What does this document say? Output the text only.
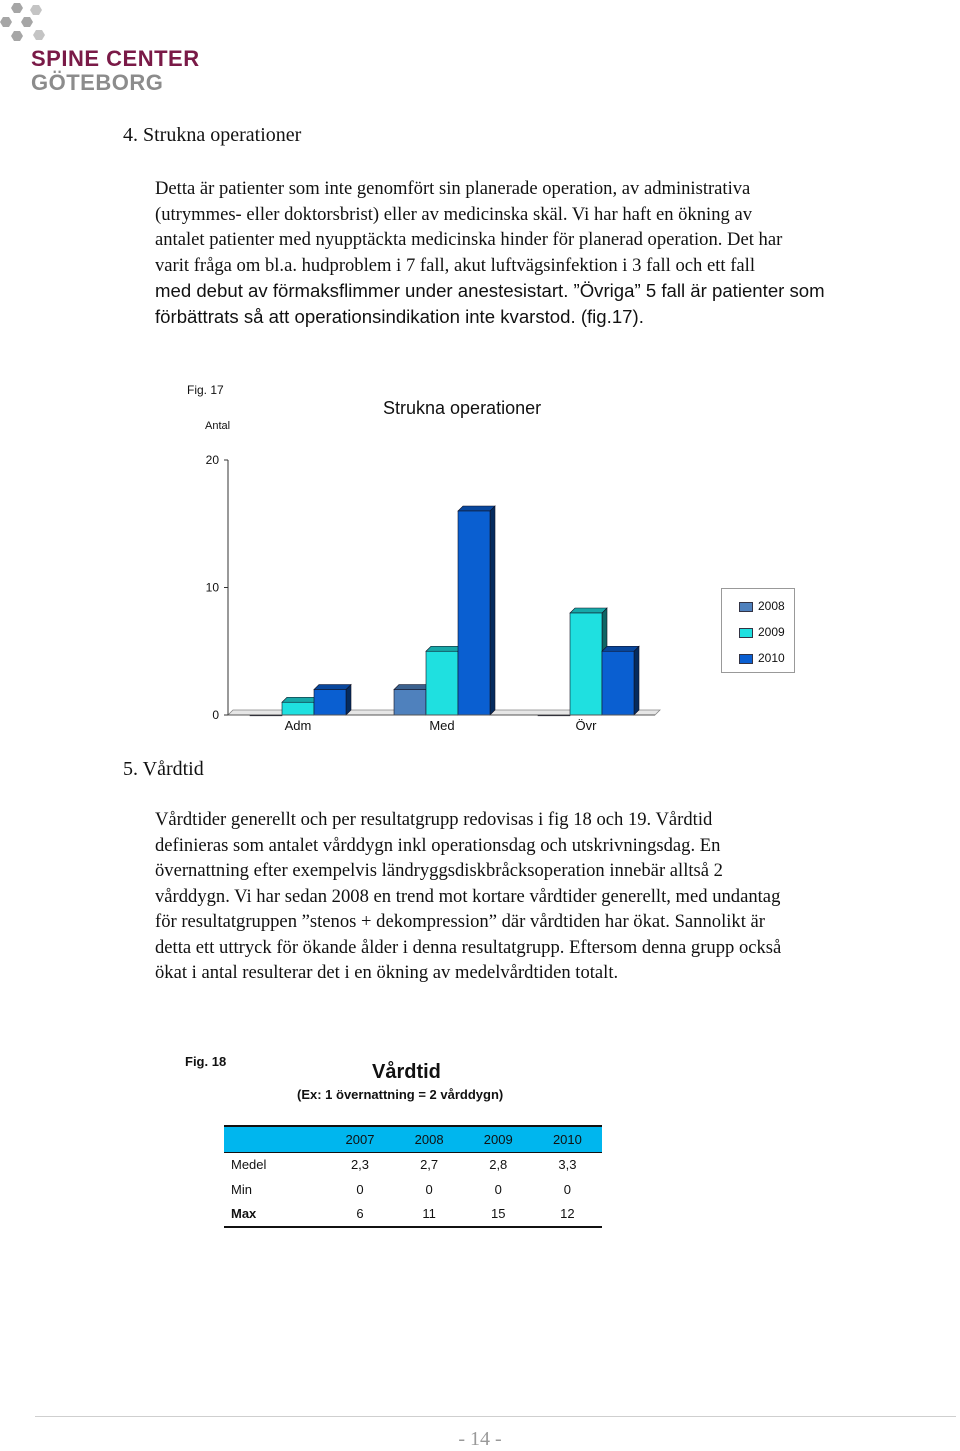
SPINE CENTER
GÖTEBORG
4. Strukna operationer
Detta är patienter som inte genomfört sin planerade operation, av administrativa
(utrymmes- eller doktorsbrist) eller av medicinska skäl. Vi har haft en ökning av
antalet patienter med nyupptäckta medicinska hinder för planerad operation. Det har
varit fråga om bl.a. hudproblem i 7 fall, akut luftvägsinfektion i 3 fall och ett fall
med debut av förmaksflimmer under anestesistart. ”Övriga” 5 fall är patienter som
förbättrats så att operationsindikation inte kvarstod. (fig.17).
Fig. 17
Antal
Strukna operationer
0
10
20
Adm	Med	Övr
2008
2009
2010
5. Vårdtid
Vårdtider generellt och per resultatgrupp redovisas i fig 18 och 19. Vårdtid
definieras som antalet vårddygn inkl operationsdag och utskrivningsdag. En
övernattning efter exempelvis ländryggsdiskbråcksoperation innebär alltså 2
vårddygn. Vi har sedan 2008 en trend mot kortare vårdtider generellt, med undantag
för resultatgruppen ”stenos + dekompression” där vårdtiden har ökat. Sannolikt är
detta ett uttryck för ökande ålder i denna resultatgrupp. Eftersom denna grupp också
ökat i antal resulterar det i en ökning av medelvårdtiden totalt.
Fig. 18	Vårdtid
(Ex: 1 övernattning = 2 vårddygn)
	2007	2008	2009	2010
Medel	2,3	2,7	2,8	3,3
Min	0	0	0	0
Max	6	11	15	12
- 14 -
